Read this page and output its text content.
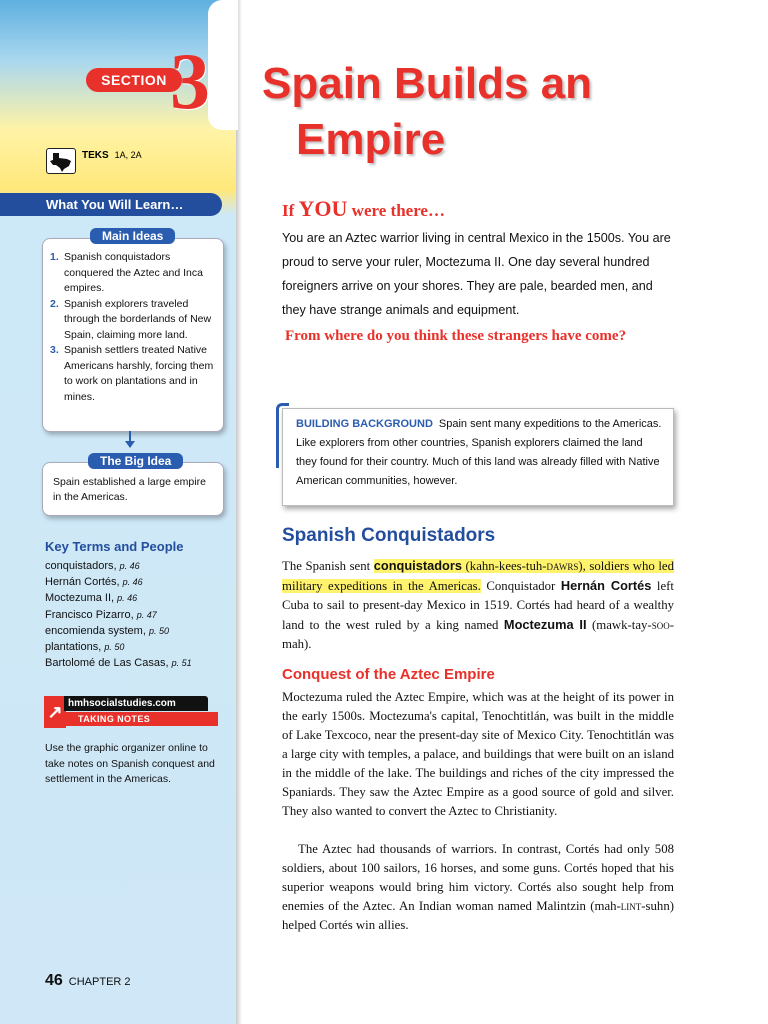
SECTION 3
TEKS 1A, 2A
Spain Builds an
Empire
What You Will Learn…
Main Ideas
1. Spanish conquistadors conquered the Aztec and Inca empires.
2. Spanish explorers traveled through the borderlands of New Spain, claiming more land.
3. Spanish settlers treated Native Americans harshly, forcing them to work on plantations and in mines.
The Big Idea
Spain established a large empire in the Americas.
Key Terms and People
conquistadors, p. 46
Hernán Cortés, p. 46
Moctezuma II, p. 46
Francisco Pizarro, p. 47
encomienda system, p. 50
plantations, p. 50
Bartolomé de Las Casas, p. 51
↗ hmhsocialstudies.com
TAKING NOTES
Use the graphic organizer online to take notes on Spanish conquest and settlement in the Americas.
46 CHAPTER 2
If YOU were there…
You are an Aztec warrior living in central Mexico in the 1500s. You are proud to serve your ruler, Moctezuma II. One day several hundred foreigners arrive on your shores. They are pale, bearded men, and they have strange animals and equipment.
From where do you think these strangers have come?
BUILDING BACKGROUND Spain sent many expeditions to the Americas. Like explorers from other countries, Spanish explorers claimed the land they found for their country. Much of this land was already filled with Native American communities, however.
Spanish Conquistadors
The Spanish sent conquistadors (kahn-kees-tuh-dawrs), soldiers who led military expeditions in the Americas. Conquistador Hernán Cortés left Cuba to sail to present-day Mexico in 1519. Cortés had heard of a wealthy land to the west ruled by a king named Moctezuma II (mawk-tay-soo-mah).
Conquest of the Aztec Empire
Moctezuma ruled the Aztec Empire, which was at the height of its power in the early 1500s. Moctezuma's capital, Tenochtitlán, was built in the middle of Lake Texcoco, near the present-day site of Mexico City. Tenochtitlán was a large city with temples, a palace, and buildings that were built on an island in the middle of the lake. The buildings and riches of the city impressed the Spaniards. They saw the Aztec Empire as a good source of gold and silver. They also wanted to convert the Aztec to Christianity.
The Aztec had thousands of warriors. In contrast, Cortés had only 508 soldiers, about 100 sailors, 16 horses, and some guns. Cortés hoped that his superior weapons would bring him victory. Cortés also sought help from enemies of the Aztec. An Indian woman named Malintzin (mah-lint-suhn) helped Cortés win allies.
